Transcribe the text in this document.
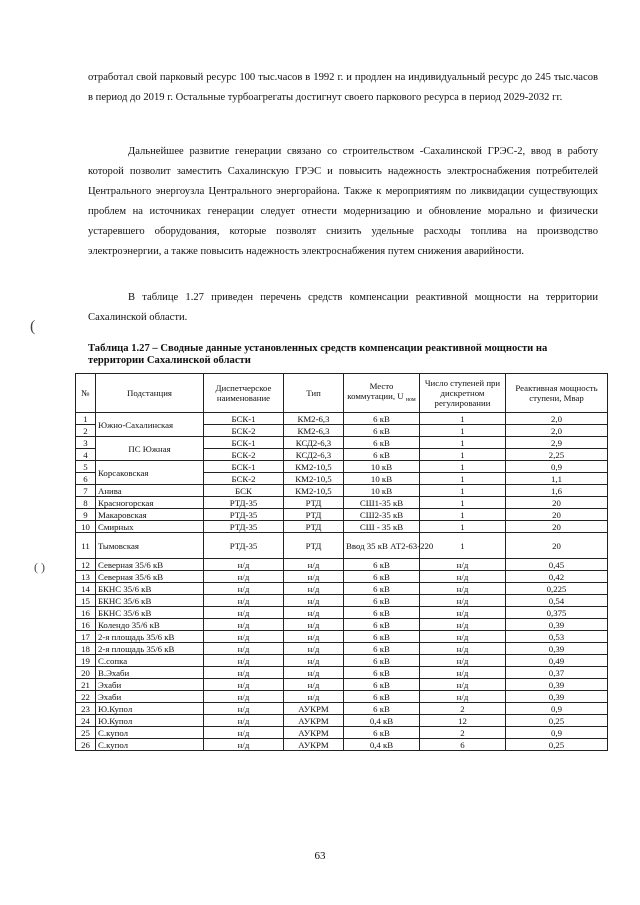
отработал свой парковый ресурс 100 тыс.часов в 1992 г. и продлен на индивидуальный ресурс до 245 тыс.часов в период до 2019 г. Остальные турбоагрегаты достигнут своего паркового ресурса в период 2029-2032 гг.

Дальнейшее развитие генерации связано со строительством -Сахалинской ГРЭС-2, ввод в работу которой позволит заместить Сахалинскую ГРЭС и повысить надежность электроснабжения потребителей Центрального энергоузла Центрального энергорайона. Также к мероприятиям по ликвидации существующих проблем на источниках генерации следует отнести модернизацию и обновление морально и физически устаревшего оборудования, которые позволят снизить удельные расходы топлива на производство электроэнергии, а также повысить надежность электроснабжения путем снижения аварийности.

В таблице 1.27 приведен перечень средств компенсации реактивной мощности на территории Сахалинской области.

(
( )

Таблица 1.27 – Сводные данные установленных средств компенсации реактивной мощности на территории Сахалинской области

№	Подстанция	Диспетчерское наименование	Тип	Место коммутации, U $_{ном}$	Число ступеней при дискретном регулировании	Реактивная мощность ступени, Мвар
1	Южно-Сахалинская	БСК-1	КМ2-6,3	6 кВ	1	2,0
2		БСК-2	КМ2-6,3	6 кВ	1	2,0
3	ПС Южная	БСК-1	КСД2-6,3	6 кВ	1	2,9
4		БСК-2	КСД2-6,3	6 кВ	1	2,25
5	Корсаковская	БСК-1	КМ2-10,5	10 кВ	1	0,9
6		БСК-2	КМ2-10,5	10 кВ	1	1,1
7	Анива	БСК	КМ2-10,5	10 кВ	1	1,6
8	Красногорская	РТД-35	РТД	СШ1-35 кВ	1	20
9	Макаровская	РТД-35	РТД	СШ2-35 кВ	1	20
10	Смирных	РТД-35	РТД	СШ - 35 кВ	1	20
11	Тымовская	РТД-35	РТД	Ввод 35 кВ АТ2-63-220	1	20
12	Северная 35/6 кВ	н/д	н/д	6 кВ	н/д	0,45
13	Северная 35/6 кВ	н/д	н/д	6 кВ	н/д	0,42
14	БКНС 35/6 кВ	н/д	н/д	6 кВ	н/д	0,225
15	БКНС 35/6 кВ	н/д	н/д	6 кВ	н/д	0,54
16	БКНС 35/6 кВ	н/д	н/д	6 кВ	н/д	0,375
16	Колендо 35/6 кВ	н/д	н/д	6 кВ	н/д	0,39
17	2-я площадь 35/6 кВ	н/д	н/д	6 кВ	н/д	0,53
18	2-я площадь 35/6 кВ	н/д	н/д	6 кВ	н/д	0,39
19	С.сопка	н/д	н/д	6 кВ	н/д	0,49
20	В.Эхаби	н/д	н/д	6 кВ	н/д	0,37
21	Эхаби	н/д	н/д	6 кВ	н/д	0,39
22	Эхаби	н/д	н/д	6 кВ	н/д	0,39
23	Ю.Купол	н/д	АУКРМ	6 кВ	2	0,9
24	Ю.Купол	н/д	АУКРМ	0,4 кВ	12	0,25
25	С.купол	н/д	АУКРМ	6 кВ	2	0,9
26	С.купол	н/д	АУКРМ	0,4 кВ	6	0,25
63
